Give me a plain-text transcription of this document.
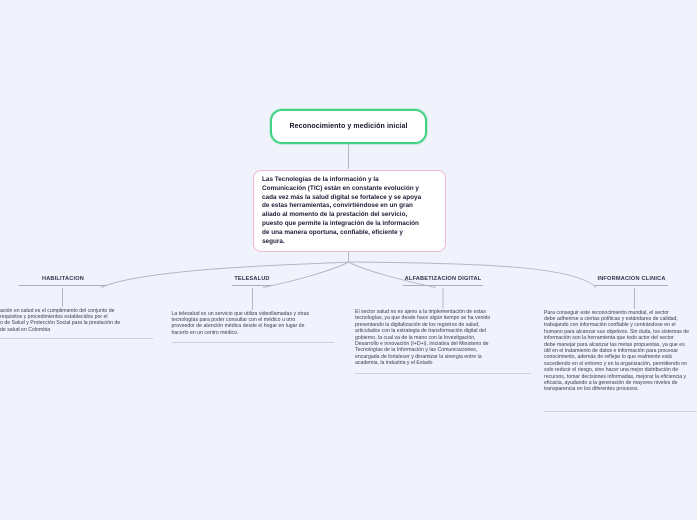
Reconocimiento y medición inicial
Las Tecnologías de la información y la
Comunicación (TIC) están en constante evolución y
cada vez más la salud digital se fortalece y se apoya
de estas herramientas, convirtiéndose en un gran
aliado al momento de la prestación del servicio,
puesto que permite la integración de la información
de una manera oportuna, confiable, eficiente y
segura.
HABILITACION	TELESALUD	ALFABETIZACION DIGITAL	INFORMACION CLINICA
ación en salud es el cumplimiento del conjunto de
requisitos y procedimientos establecidos por el
o de Salud y Protección Social para la prestación de
de salud en Colombia
La telesalud es un servicio que utiliza videollamadas y otras
tecnologías para poder consultar con el médico u otro
proveedor de atención médica desde el hogar en lugar de
hacerlo en un centro médico.
El sector salud no es ajeno a la implementación de estas
tecnologías, ya que desde hace algún tiempo se ha venido
presentando la digitalización de los registros de salud,
articulados con la estrategia de transformación digital del
gobierno, la cual va de la mano con la Investigación,
Desarrollo e innovación (I+D+i), iniciativa del Ministerio de
Tecnologías de la Información y las Comunicaciones,
encargada de fortalecer y dinamizar la sinergia entre la
academia, la industria y el Estado
Para conseguir este reconocimiento mundial, el sector
debe adherirse a ciertas políticas y estándares de calidad,
trabajando con información confiable y centrándose en el
humano para alcanzar sus objetivos. Sin duda, los sistemas de
información son la herramienta que todo actor del sector
debe manejar para alcanzar las metas propuestas, ya que es
útil en el tratamiento de datos e información para procesar
conocimiento, además de reflejar lo que realmente está
sucediendo en el entorno y en la organización, permitiendo no
solo reducir el riesgo, sino hacer una mejor distribución de
recursos, tomar decisiones informadas, mejorar la eficiencia y
eficacia, ayudando a la generación de mayores niveles de
transparencia en los diferentes procesos.
